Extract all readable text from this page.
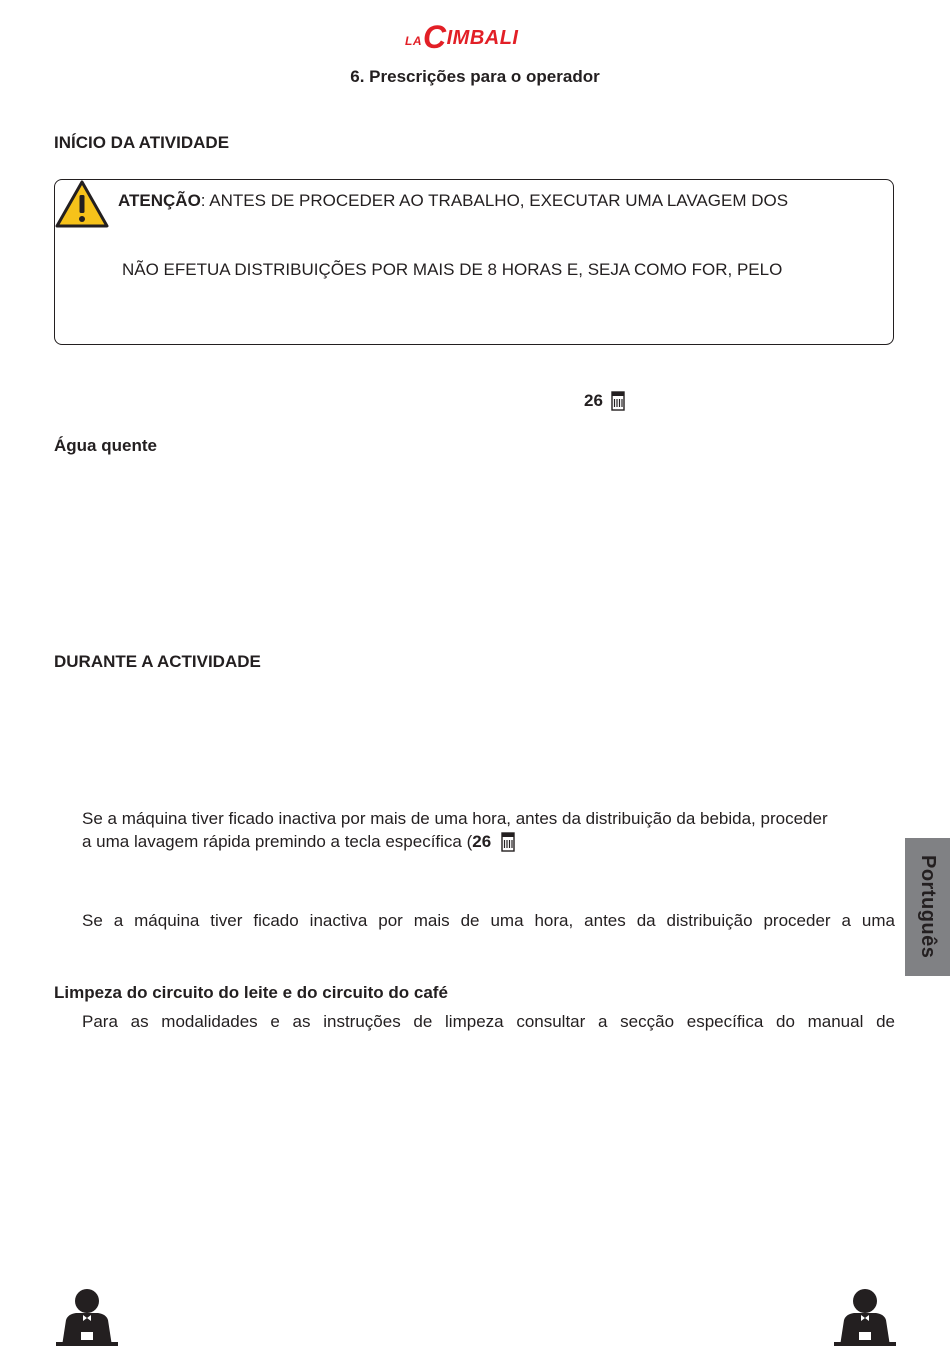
LA C IMBALI
6. Prescrições para o operador
INÍCIO DA ATIVIDADE
ATENÇÃO: ANTES DE PROCEDER AO TRABALHO, EXECUTAR UMA LAVAGEM DOS
NÃO EFETUA DISTRIBUIÇÕES POR MAIS DE 8 HORAS E, SEJA COMO FOR, PELO
26
Água quente
DURANTE A ACTIVIDADE
Se a máquina tiver ficado inactiva por mais de uma hora, antes da distribuição da bebida, proceder
a uma lavagem rápida premindo a tecla específica ( 26
Se a máquina tiver ficado inactiva por mais de uma hora, antes da distribuição proceder a uma
Limpeza do circuito do leite e do circuito do café
Para as modalidades e as instruções de limpeza consultar a secção específica do manual de
Português
